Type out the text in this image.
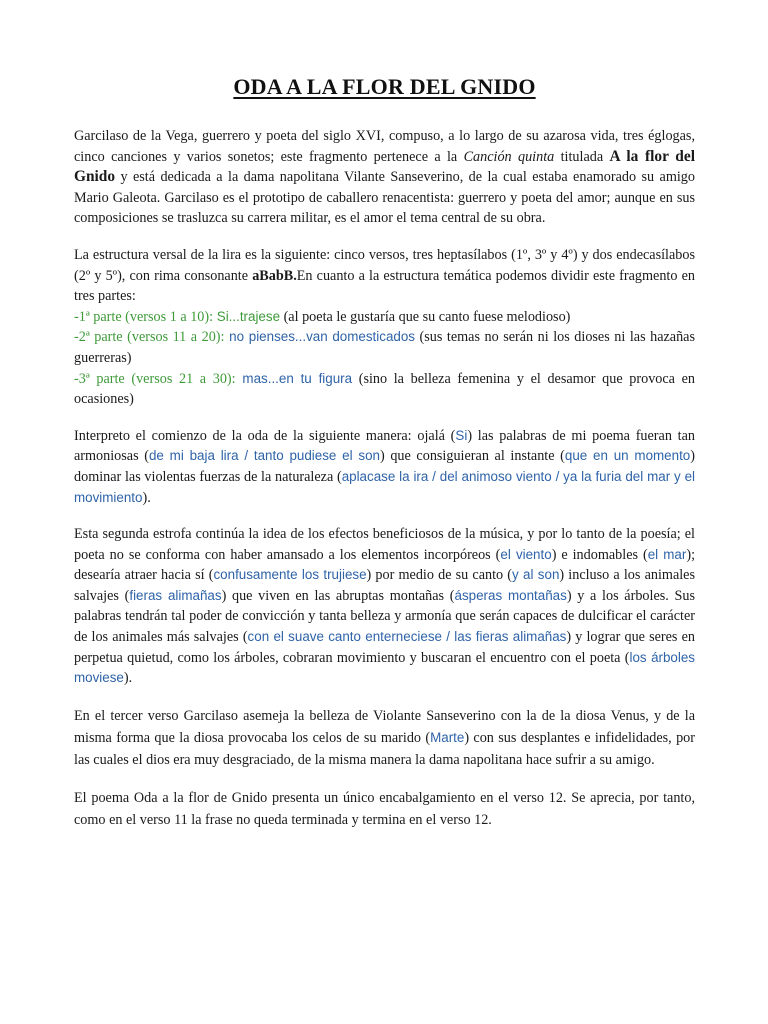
ODA A LA FLOR DEL GNIDO

Garcilaso de la Vega, guerrero y poeta del siglo XVI, compuso, a lo largo de su azarosa vida, tres églogas, cinco canciones y varios sonetos; este fragmento pertenece a la Canción quinta titulada A la flor del Gnido y está dedicada a la dama napolitana Vilante Sanseverino, de la cual estaba enamorado su amigo Mario Galeota. Garcilaso es el prototipo de caballero renacentista: guerrero y poeta del amor; aunque en sus composiciones se trasluzca su carrera militar, es el amor el tema central de su obra.

La estructura versal de la lira es la siguiente: cinco versos, tres heptasílabos (1º, 3º y 4º) y dos endecasílabos (2º y 5º), con rima consonante aBabB.En cuanto a la estructura temática podemos dividir este fragmento en tres partes:

-1ª parte (versos 1 a 10): Si...trajese (al poeta le gustaría que su canto fuese melodioso)

-2ª parte (versos 11 a 20): no pienses...van domesticados (sus temas no serán ni los dioses ni las hazañas guerreras)

-3ª parte (versos 21 a 30): mas...en tu figura (sino la belleza femenina y el desamor que provoca en ocasiones)

Interpreto el comienzo de la oda de la siguiente manera: ojalá (Si) las palabras de mi poema fueran tan armoniosas (de mi baja lira / tanto pudiese el son) que consiguieran al instante (que en un momento) dominar las violentas fuerzas de la naturaleza (aplacase la ira / del animoso viento / ya la furia del mar y el movimiento).

Esta segunda estrofa continúa la idea de los efectos beneficiosos de la música, y por lo tanto de la poesía; el poeta no se conforma con haber amansado a los elementos incorpóreos (el viento) e indomables (el mar); desearía atraer hacia sí (confusamente los trujiese) por medio de su canto (y al son) incluso a los animales salvajes (fieras alimañas) que viven en las abruptas montañas (ásperas montañas) y a los árboles. Sus palabras tendrán tal poder de convicción y tanta belleza y armonía que serán capaces de dulcificar el carácter de los animales más salvajes (con el suave canto enterneciese / las fieras alimañas) y lograr que seres en perpetua quietud, como los árboles, cobraran movimiento y buscaran el encuentro con el poeta (los árboles moviese).

En el tercer verso Garcilaso asemeja la belleza de Violante Sanseverino con la de la diosa Venus, y de la misma forma que la diosa provocaba los celos de su marido (Marte) con sus desplantes e infidelidades, por las cuales el dios era muy desgraciado, de la misma manera la dama napolitana hace sufrir a su amigo.

El poema Oda a la flor de Gnido presenta un único encabalgamiento en el verso 12. Se aprecia, por tanto, como en el verso 11 la frase no queda terminada y termina en el verso 12.
